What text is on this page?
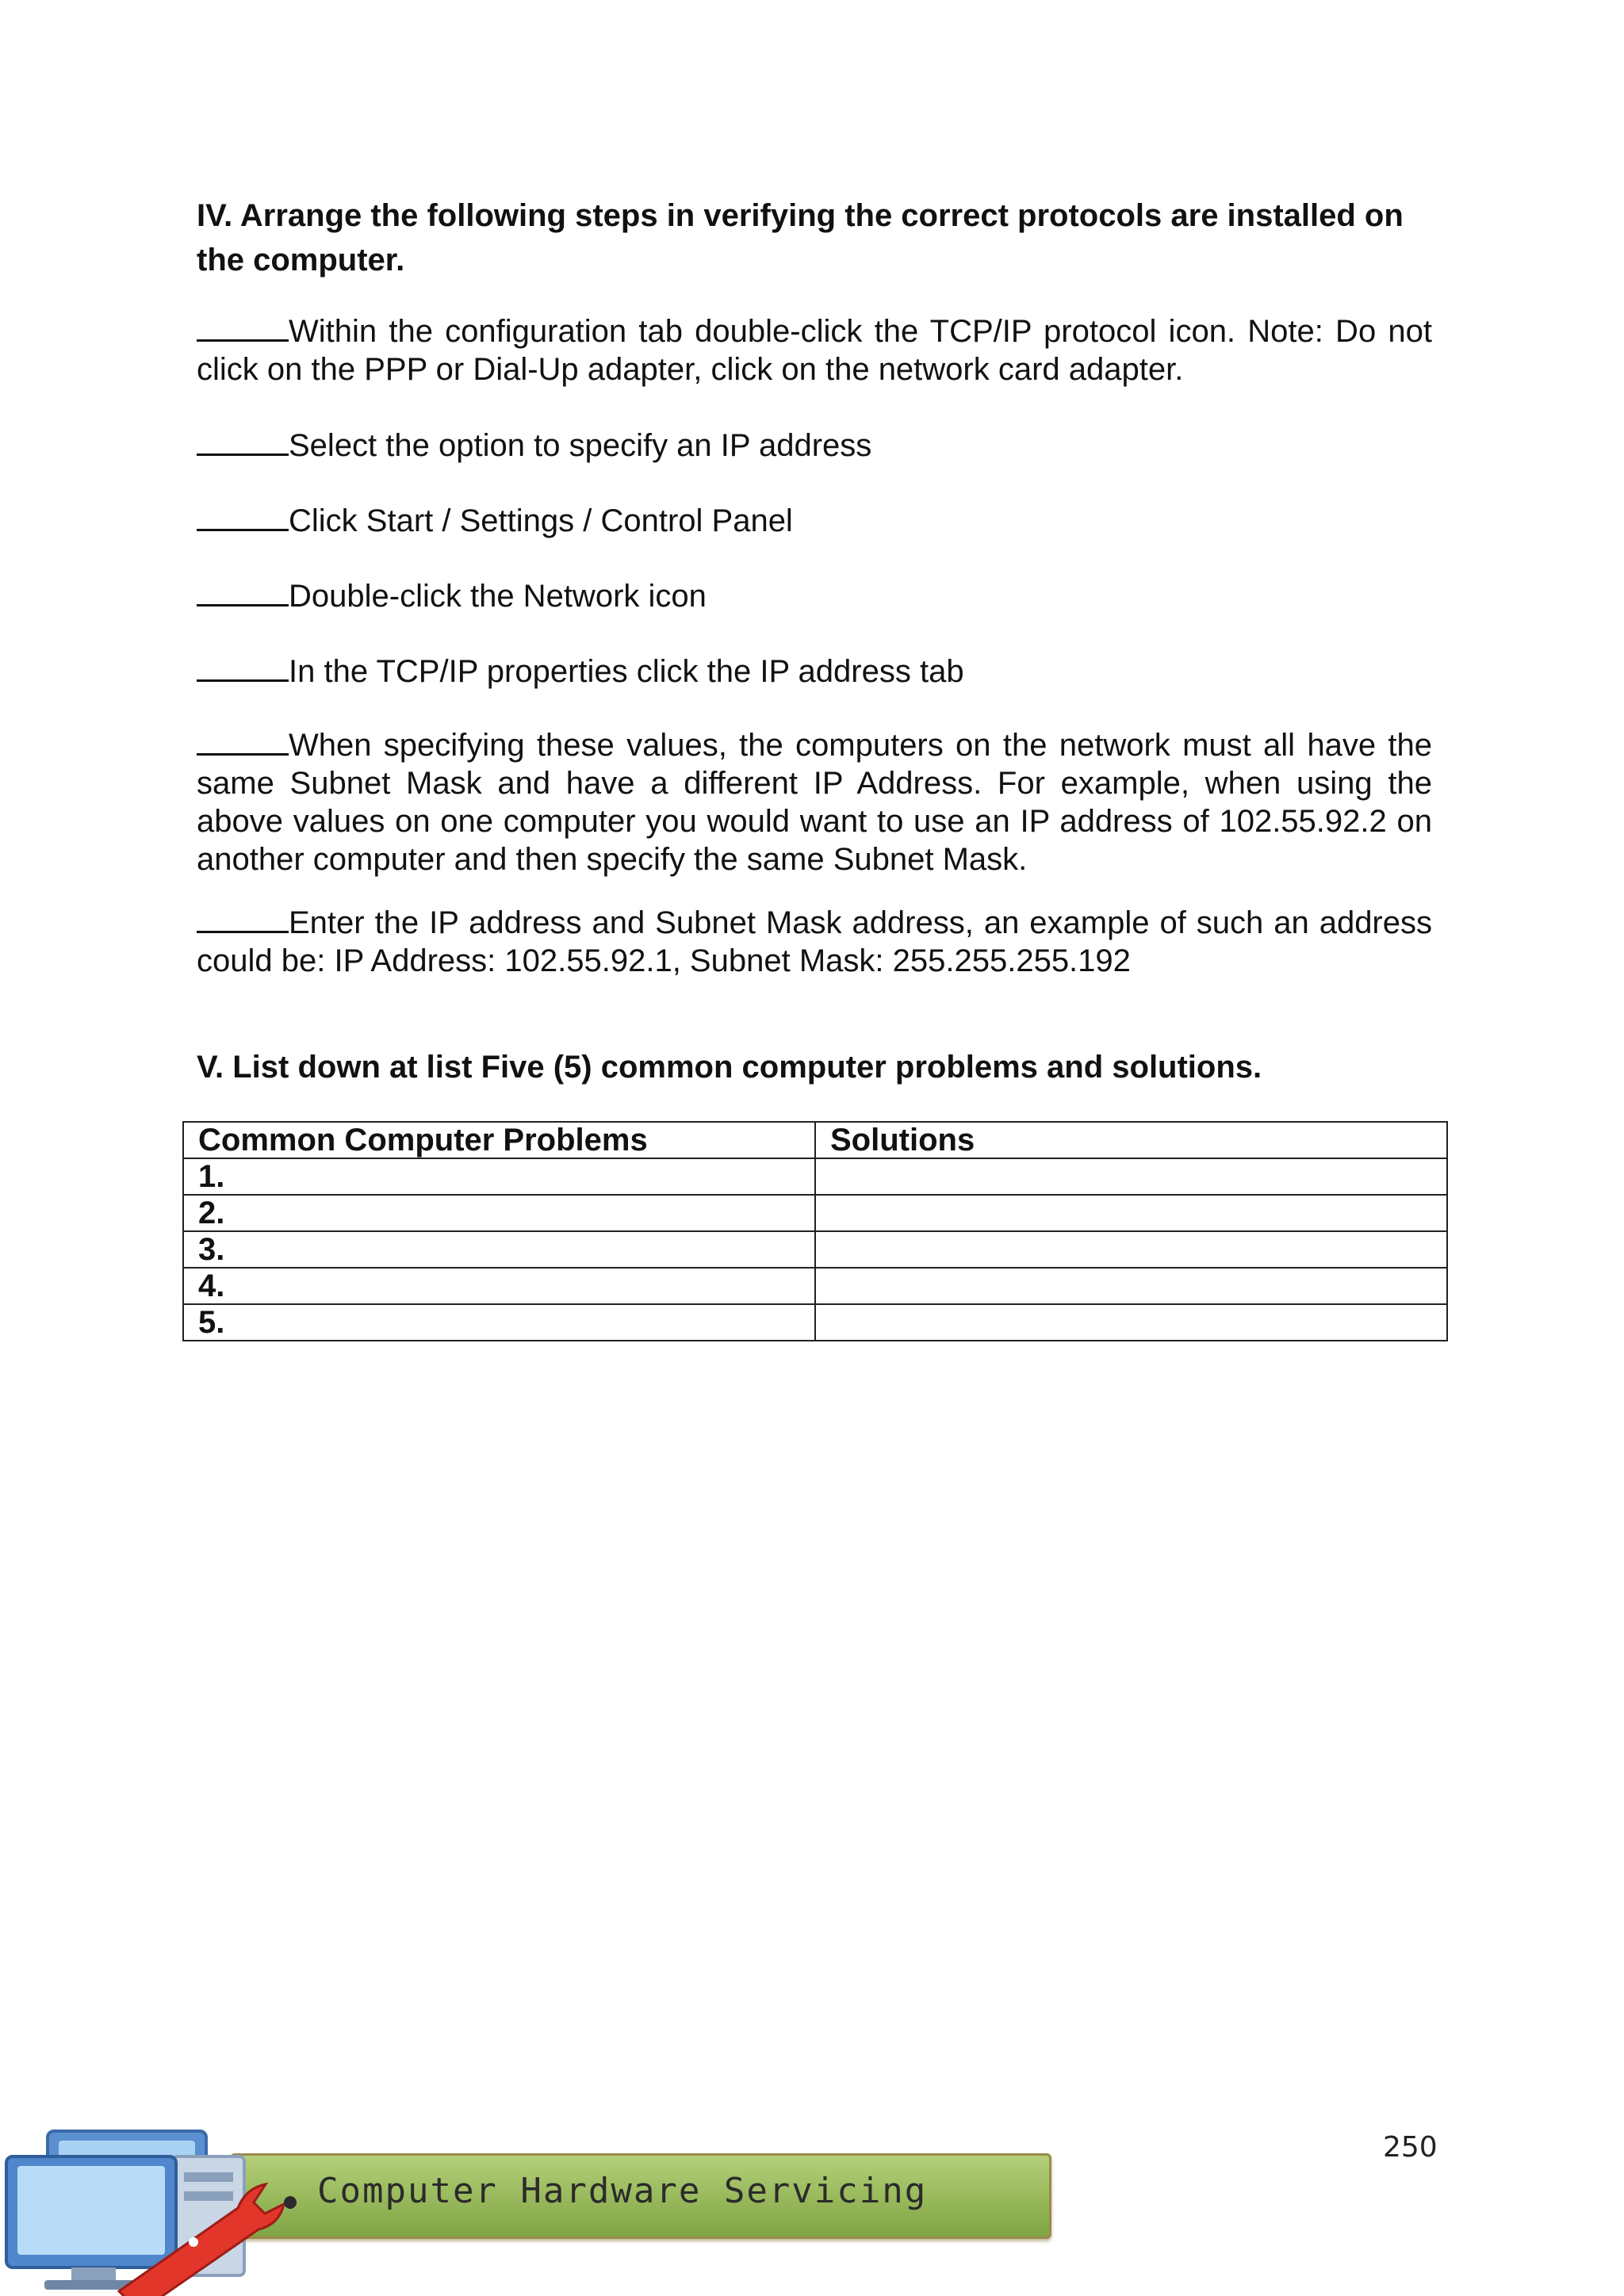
IV. Arrange the following steps in verifying the correct protocols are installed on the computer.

Within the configuration tab double-click the TCP/IP protocol icon. Note: Do not click on the PPP or Dial-Up adapter, click on the network card adapter.

Select the option to specify an IP address

Click Start / Settings / Control Panel

Double-click the Network icon

In the TCP/IP properties click the IP address tab

When specifying these values, the computers on the network must all have the same Subnet Mask and have a different IP Address. For example, when using the above values on one computer you would want to use an IP address of 102.55.92.2 on another computer and then specify the same Subnet Mask.

Enter the IP address and Subnet Mask address, an example of such an address could be: IP Address: 102.55.92.1, Subnet Mask: 255.255.255.192

V. List down at list Five (5) common computer problems and solutions.
Common Computer Problems	Solutions
1.	
2.	
3.	
4.	
5.	
250
Computer Hardware Servicing
